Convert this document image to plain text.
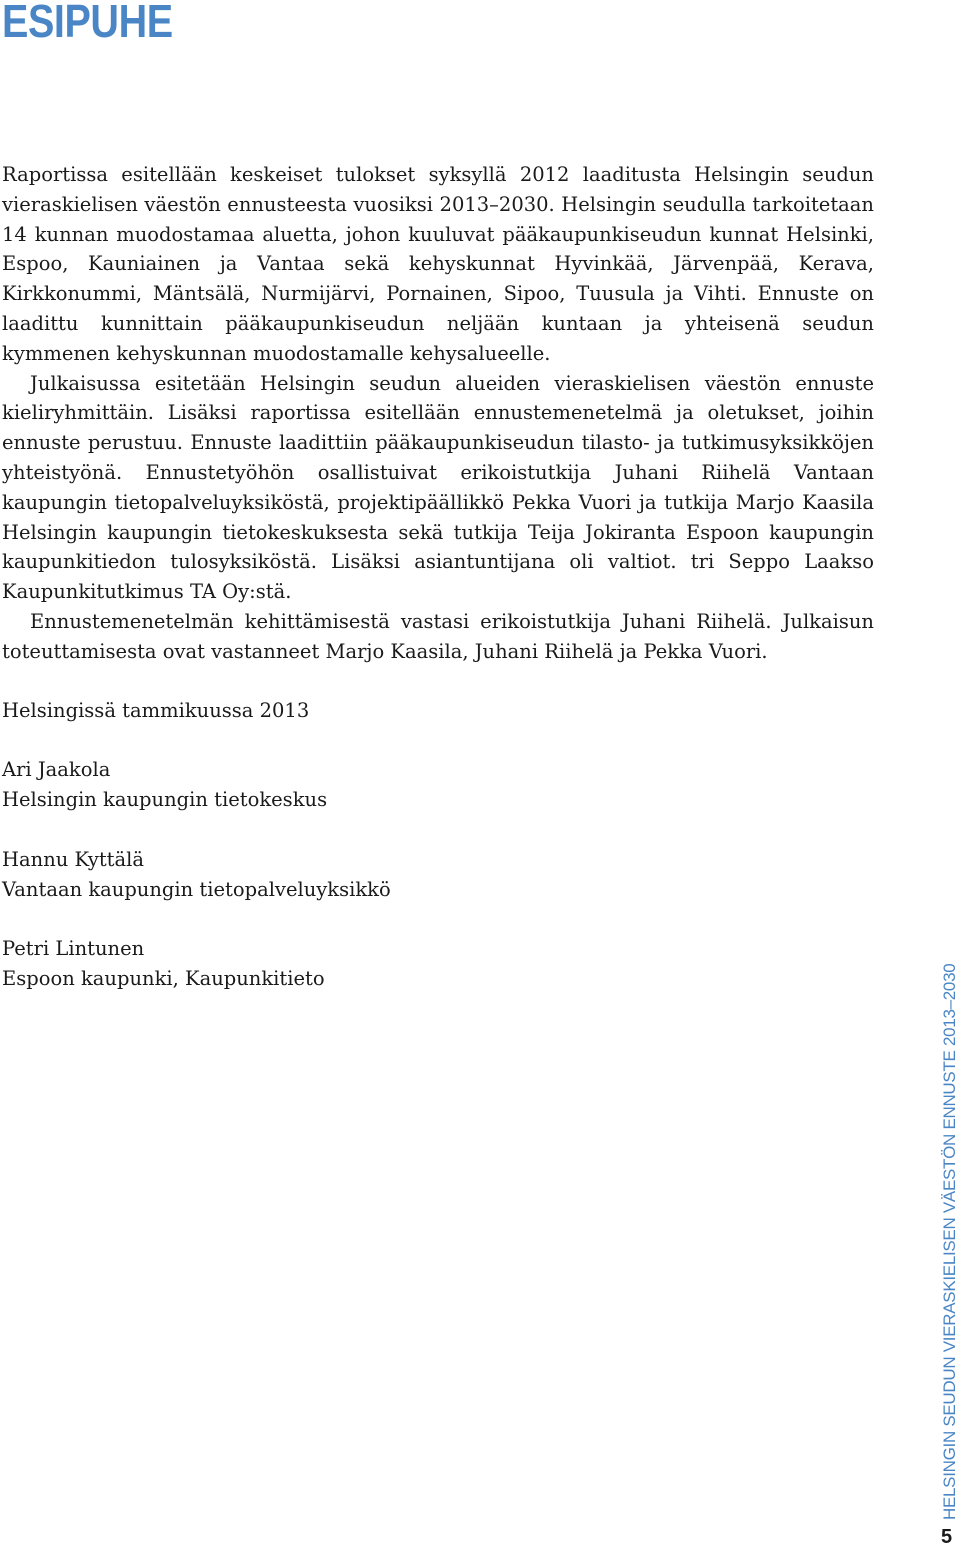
ESIPUHE

Raportissa esitellään keskeiset tulokset syksyllä 2012 laaditusta Helsingin seudun vieraskielisen väestön ennusteesta vuosiksi 2013–2030. Helsingin seudulla tarkoitetaan 14 kunnan muodostamaa aluetta, johon kuuluvat pääkaupunkiseudun kunnat Helsinki, Espoo, Kauniainen ja Vantaa sekä kehyskunnat Hyvinkää, Järvenpää, Kerava, Kirkkonummi, Mäntsälä, Nurmijärvi, Pornainen, Sipoo, Tuusula ja Vihti. Ennuste on laadittu kunnittain pääkaupunkiseudun neljään kuntaan ja yhteisenä seudun kymmenen kehyskunnan muodostamalle kehysalueelle.

Julkaisussa esitetään Helsingin seudun alueiden vieraskielisen väestön ennuste kieliryhmittäin. Lisäksi raportissa esitellään ennustemenetelmä ja oletukset, joihin ennuste perustuu. Ennuste laadittiin pääkaupunkiseudun tilasto- ja tutkimusyksikköjen yhteistyönä. Ennustetyöhön osallistuivat erikoistutkija Juhani Riihelä Vantaan kaupungin tietopalveluyksiköstä, projektipäällikkö Pekka Vuori ja tutkija Marjo Kaasila Helsingin kaupungin tietokeskuksesta sekä tutkija Teija Jokiranta Espoon kaupungin kaupunkitiedon tulosyksiköstä. Lisäksi asiantuntijana oli valtiot. tri Seppo Laakso Kaupunkitutkimus TA Oy:stä.

Ennustemenetelmän kehittämisestä vastasi erikoistutkija Juhani Riihelä. Julkaisun toteuttamisesta ovat vastanneet Marjo Kaasila, Juhani Riihelä ja Pekka Vuori.

Helsingissä tammikuussa 2013
Ari Jaakola
Helsingin kaupungin tietokeskus
Hannu Kyttälä
Vantaan kaupungin tietopalveluyksikkö
Petri Lintunen
Espoon kaupunki, Kaupunkitieto	HELSINGIN SEUDUN VIERASKIELISEN VÄESTÖN ENNUSTE 2013–2030
5
